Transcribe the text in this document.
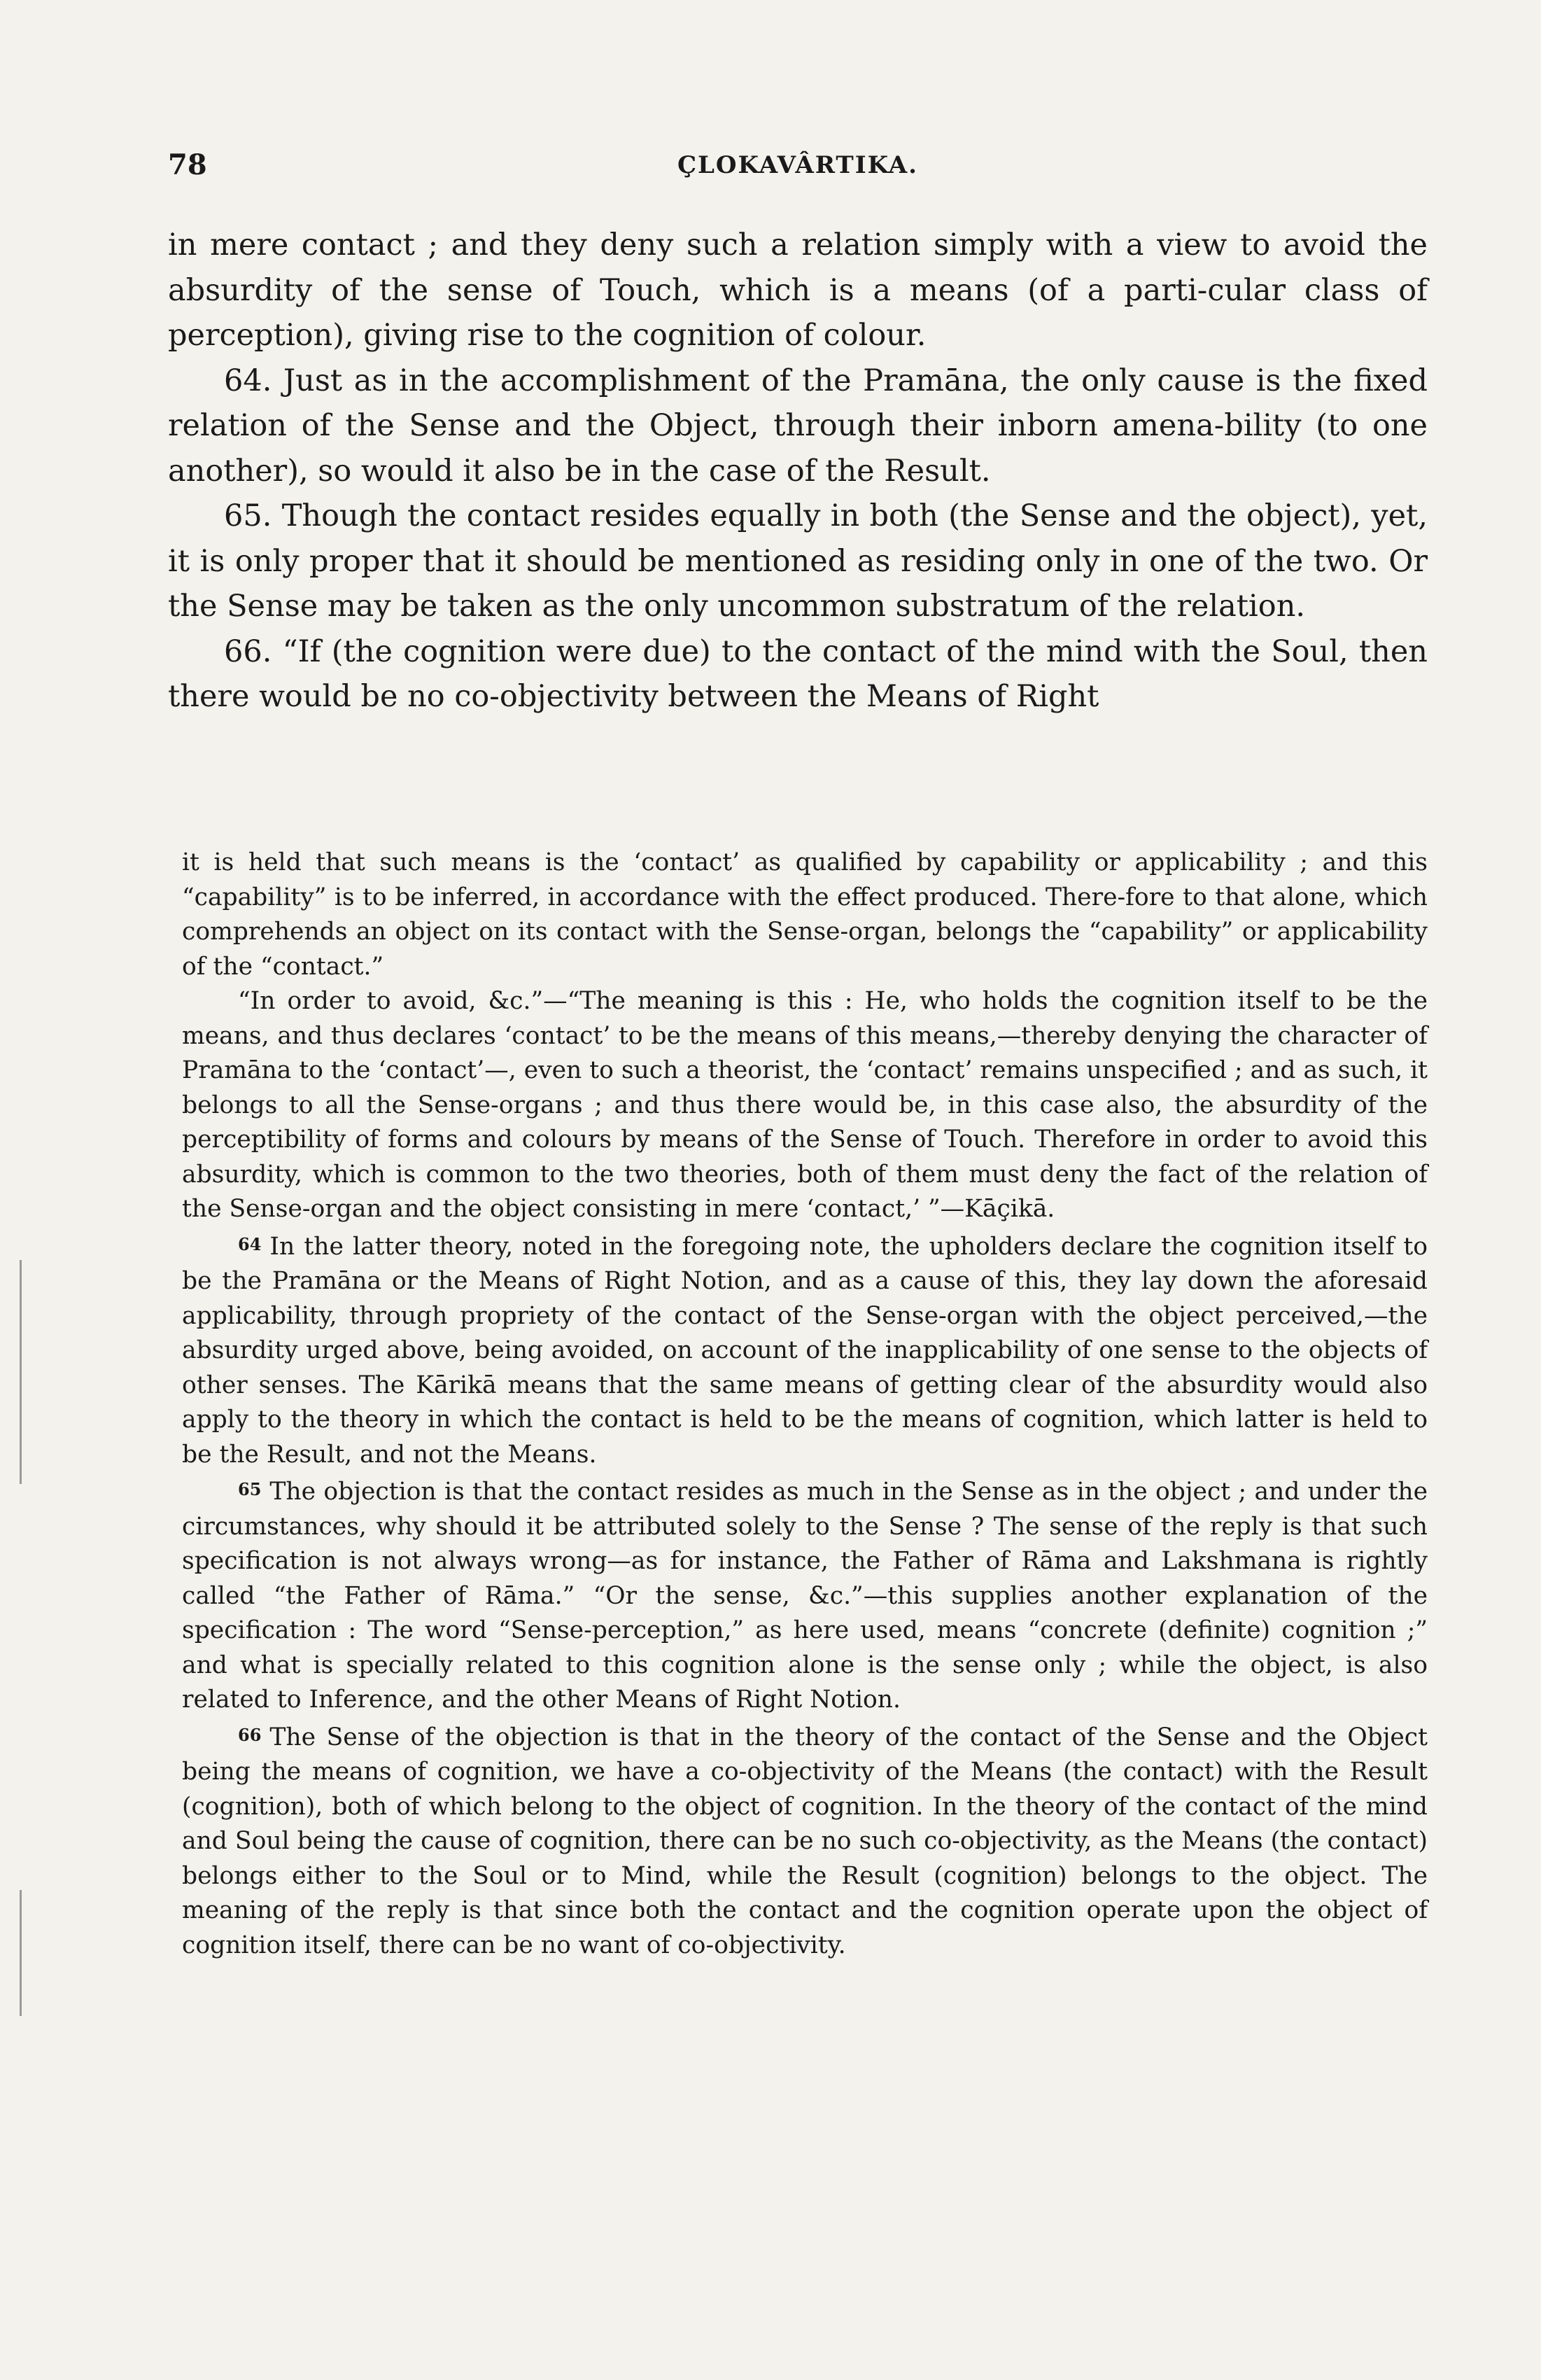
78	ÇLOKAVÂRTIKA.

in mere contact ; and they deny such a relation simply with a view to avoid the absurdity of the sense of Touch, which is a means (of a parti-cular class of perception), giving rise to the cognition of colour.

64. Just as in the accomplishment of the Pramāna, the only cause is the fixed relation of the Sense and the Object, through their inborn amena-bility (to one another), so would it also be in the case of the Result.

65. Though the contact resides equally in both (the Sense and the object), yet, it is only proper that it should be mentioned as residing only in one of the two. Or the Sense may be taken as the only uncommon substratum of the relation.

66. “If (the cognition were due) to the contact of the mind with the Soul, then there would be no co-objectivity between the Means of Right

it is held that such means is the ‘contact’ as qualified by capability or applicability ; and this “capability” is to be inferred, in accordance with the effect produced. There-fore to that alone, which comprehends an object on its contact with the Sense-organ, belongs the “capability” or applicability of the “contact.”

“In order to avoid, &c.”—“The meaning is this : He, who holds the cognition itself to be the means, and thus declares ‘contact’ to be the means of this means,—thereby denying the character of Pramāna to the ‘contact’—, even to such a theorist, the ‘contact’ remains unspecified ; and as such, it belongs to all the Sense-organs ; and thus there would be, in this case also, the absurdity of the perceptibility of forms and colours by means of the Sense of Touch. Therefore in order to avoid this absurdity, which is common to the two theories, both of them must deny the fact of the relation of the Sense-organ and the object consisting in mere ‘contact,’ ”—Kāçikā.

64 In the latter theory, noted in the foregoing note, the upholders declare the cognition itself to be the Pramāna or the Means of Right Notion, and as a cause of this, they lay down the aforesaid applicability, through propriety of the contact of the Sense-organ with the object perceived,—the absurdity urged above, being avoided, on account of the inapplicability of one sense to the objects of other senses. The Kārikā means that the same means of getting clear of the absurdity would also apply to the theory in which the contact is held to be the means of cognition, which latter is held to be the Result, and not the Means.

65 The objection is that the contact resides as much in the Sense as in the object ; and under the circumstances, why should it be attributed solely to the Sense ? The sense of the reply is that such specification is not always wrong—as for instance, the Father of Rāma and Lakshmana is rightly called “the Father of Rāma.” “Or the sense, &c.”—this supplies another explanation of the specification : The word “Sense-perception,” as here used, means “concrete (definite) cognition ;” and what is specially related to this cognition alone is the sense only ; while the object, is also related to Inference, and the other Means of Right Notion.

66 The Sense of the objection is that in the theory of the contact of the Sense and the Object being the means of cognition, we have a co-objectivity of the Means (the contact) with the Result (cognition), both of which belong to the object of cognition. In the theory of the contact of the mind and Soul being the cause of cognition, there can be no such co-objectivity, as the Means (the contact) belongs either to the Soul or to Mind, while the Result (cognition) belongs to the object. The meaning of the reply is that since both the contact and the cognition operate upon the object of cognition itself, there can be no want of co-objectivity.
